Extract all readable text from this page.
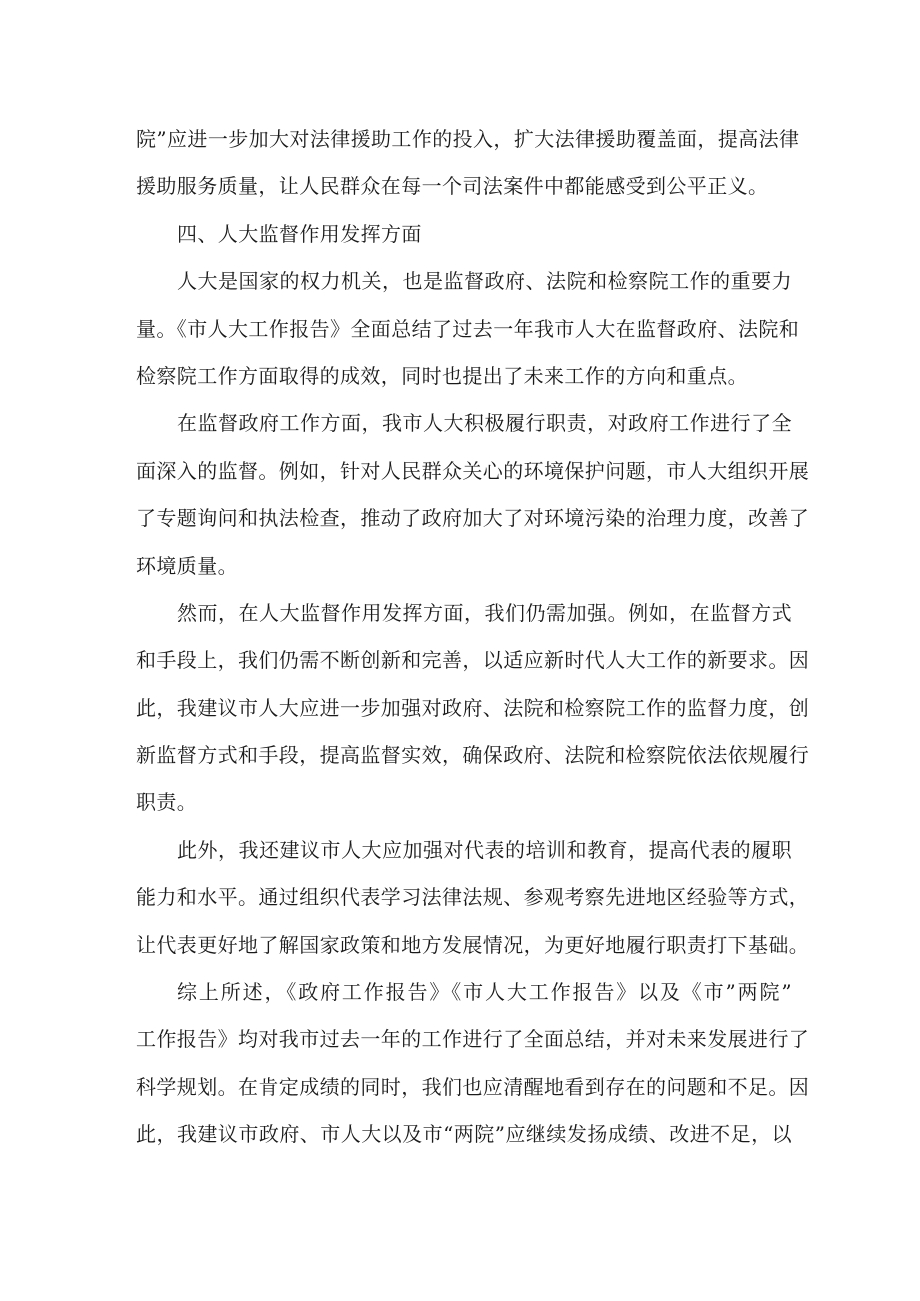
院”应进一步加大对法律援助工作的投入，扩大法律援助覆盖面，提高法律
援助服务质量，让人民群众在每一个司法案件中都能感受到公平正义。
四、人大监督作用发挥方面
人大是国家的权力机关，也是监督政府、法院和检察院工作的重要力
量。《市人大工作报告》全面总结了过去一年我市人大在监督政府、法院和
检察院工作方面取得的成效，同时也提出了未来工作的方向和重点。
在监督政府工作方面，我市人大积极履行职责，对政府工作进行了全
面深入的监督。例如，针对人民群众关心的环境保护问题，市人大组织开展
了专题询问和执法检查，推动了政府加大了对环境污染的治理力度，改善了
环境质量。
然而，在人大监督作用发挥方面，我们仍需加强。例如，在监督方式
和手段上，我们仍需不断创新和完善，以适应新时代人大工作的新要求。因
此，我建议市人大应进一步加强对政府、法院和检察院工作的监督力度，创
新监督方式和手段，提高监督实效，确保政府、法院和检察院依法依规履行
职责。
此外，我还建议市人大应加强对代表的培训和教育，提高代表的履职
能力和水平。通过组织代表学习法律法规、参观考察先进地区经验等方式，
让代表更好地了解国家政策和地方发展情况，为更好地履行职责打下基础。
综上所述，《政府工作报告》《市人大工作报告》以及《市”两院”
工作报告》均对我市过去一年的工作进行了全面总结，并对未来发展进行了
科学规划。在肯定成绩的同时，我们也应清醒地看到存在的问题和不足。因
此，我建议市政府、市人大以及市“两院”应继续发扬成绩、改进不足，以
